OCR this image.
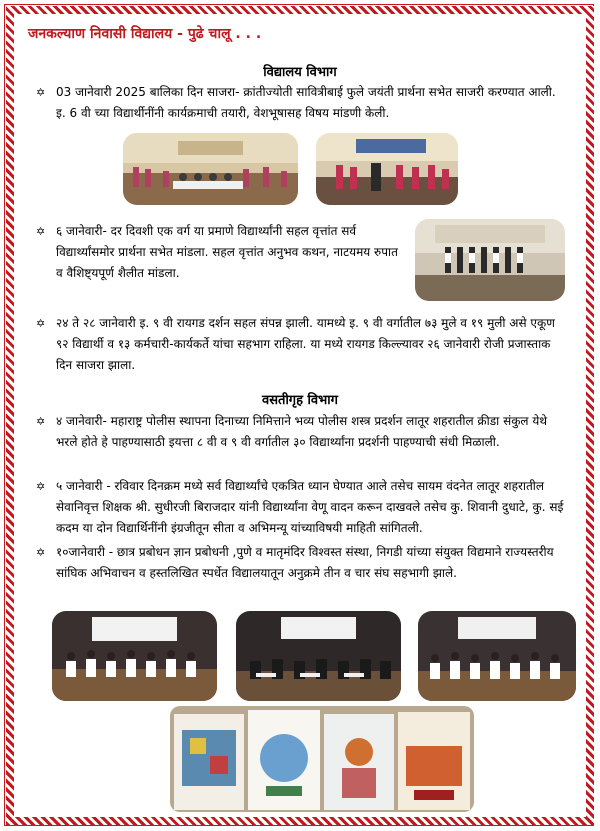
जनकल्याण निवासी विद्यालय - पुढे चालू . . .
विद्यालय विभाग
✡ 03 जानेवारी 2025 बालिका दिन साजरा- क्रांतीज्योती सावित्रीबाई फुले जयंती प्रार्थना सभेत साजरी करण्यात आली. इ. 6 वी च्या विद्यार्थीनींनी कार्यक्रमाची तयारी, वेशभूषासह विषय मांडणी केली.
✡ ६ जानेवारी- दर दिवशी एक वर्ग या प्रमाणे विद्यार्थ्यांनी सहल वृत्तांत सर्व विद्यार्थ्यांसमोर प्रार्थना सभेत मांडला. सहल वृत्तांत अनुभव कथन, नाटयमय रुपात व वैशिष्ट्यपूर्ण शैलीत मांडला.
✡ २४ ते २८ जानेवारी इ. ९ वी रायगड दर्शन सहल संपन्न झाली. यामध्ये इ. ९ वी वर्गातील ७३ मुले व १९ मुली असे एकूण ९२ विद्यार्थी व १३ कर्मचारी-कार्यकर्ते यांचा सहभाग राहिला. या मध्ये रायगड किल्ल्यावर २६ जानेवारी रोजी प्रजास्ताक दिन साजरा झाला.
वसतीगृह विभाग
✡ ४ जानेवारी- महाराष्ट्र पोलीस स्थापना दिनाच्या निमित्ताने भव्य पोलीस शस्त्र प्रदर्शन लातूर शहरातील क्रीडा संकुल येथे भरले होते हे पाहण्यासाठी इयत्ता ८ वी व ९ वी वर्गातील ३० विद्यार्थ्यांना प्रदर्शनी पाहण्याची संधी मिळाली.
✡ ५ जानेवारी - रविवार दिनक्रम मध्ये सर्व विद्यार्थ्यांचे एकत्रित ध्यान घेण्यात आले तसेच सायम वंदनेत लातूर शहरातील सेवानिवृत्त शिक्षक श्री. सुधीरजी बिराजदार यांनी विद्यार्थ्यांना वेणू वादन करून दाखवले तसेच कु. शिवानी दुधाटे, कु. सई कदम या दोन विद्यार्थिनींनी इंग्रजीतून सीता व अभिमन्यू यांच्याविषयी माहिती सांगितली.
✡ १०जानेवारी - छात्र प्रबोधन ज्ञान प्रबोधनी ,पुणे व मातृमंदिर विश्वस्त संस्था, निगडी यांच्या संयुक्त विद्यमाने राज्यस्तरीय सांघिक अभिवाचन व हस्तलिखित स्पर्धेत विद्यालयातून अनुक्रमे तीन व चार संघ सहभागी झाले.
